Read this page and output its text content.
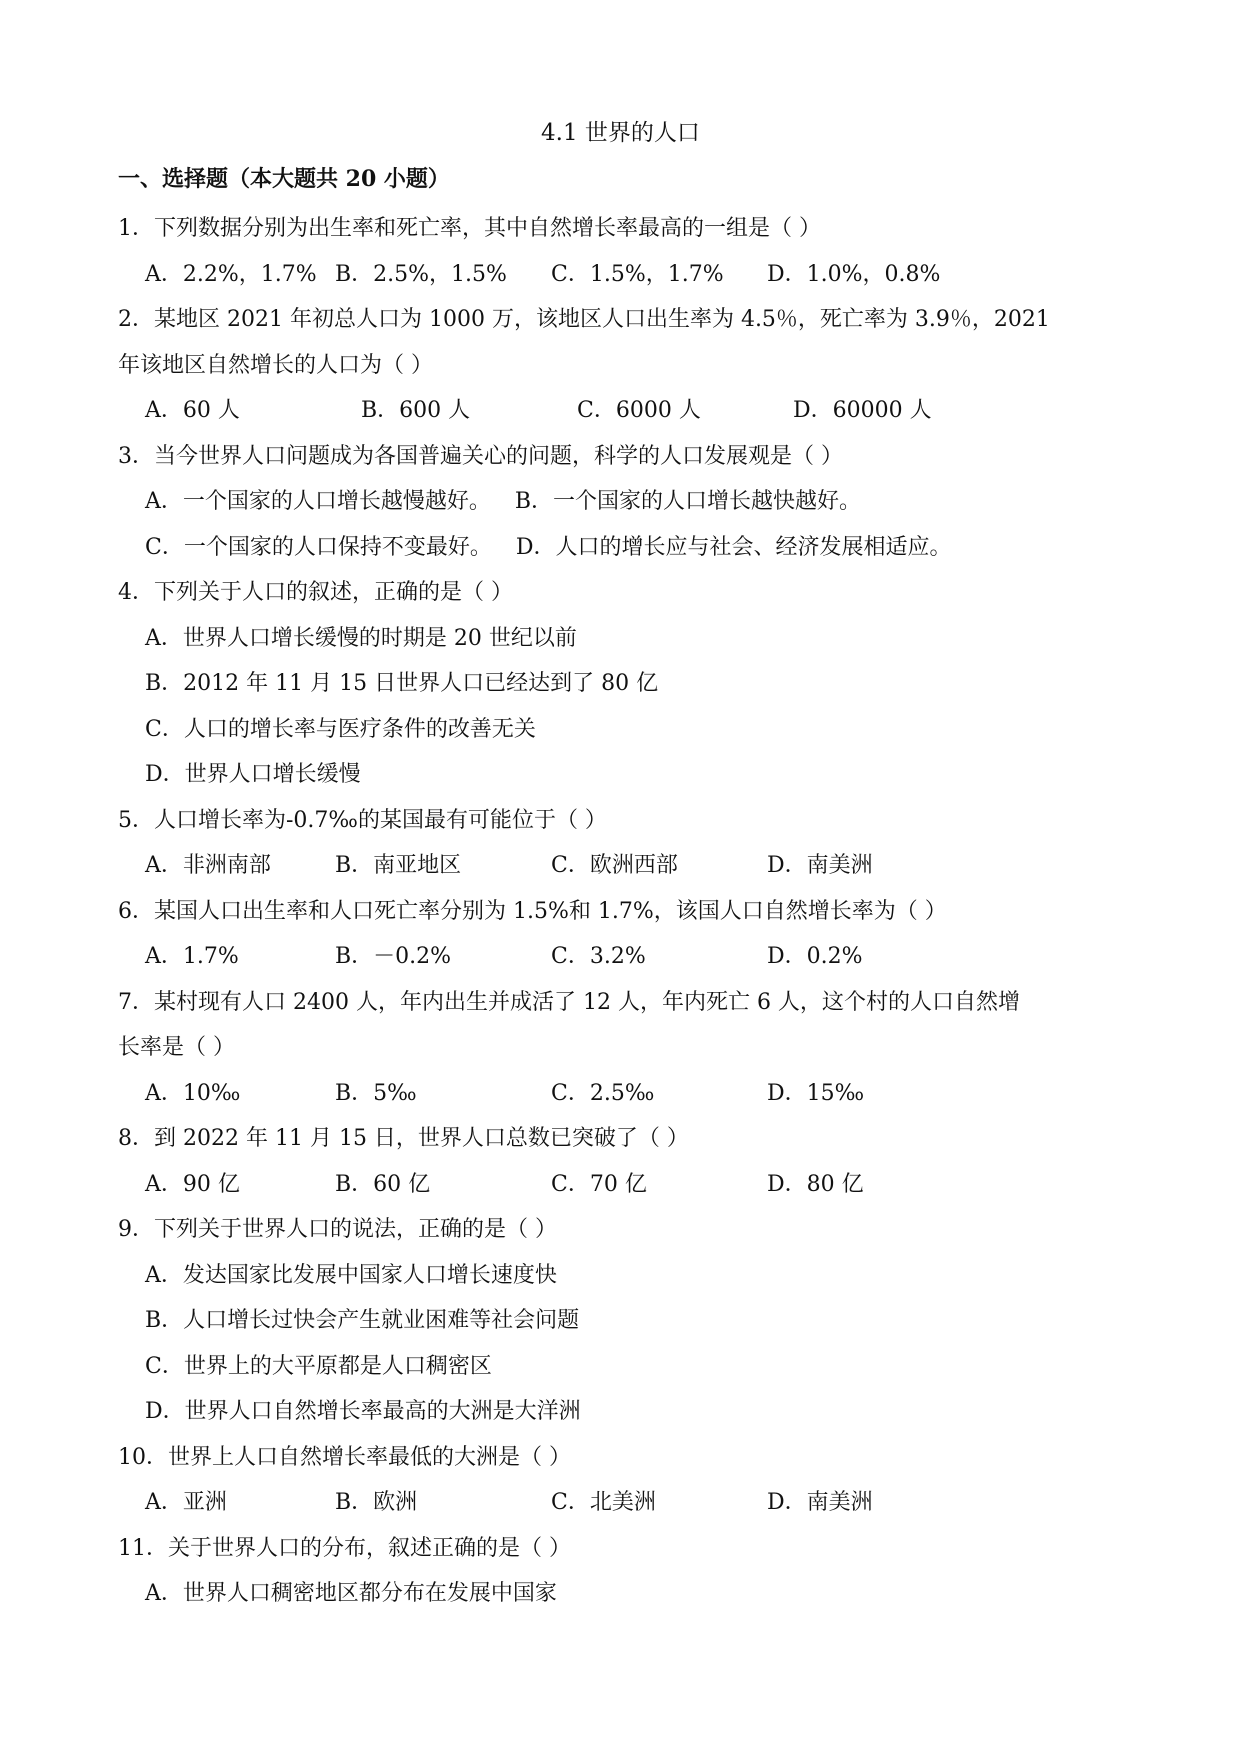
4.1 世界的人口
一、选择题（本大题共 20 小题）

1．下列数据分别为出生率和死亡率，其中自然增长率最高的一组是（ ）

A．2.2%，1.7% B．2.5%，1.5%	C．1.5%，1.7%	D．1.0%，0.8%

2．某地区 2021 年初总人口为 1000 万，该地区人口出生率为 4.5％，死亡率为 3.9％，2021

年该地区自然增长的人口为（ ）

A．60 人	B．600 人	C．6000 人	D．60000 人

3．当今世界人口问题成为各国普遍关心的问题，科学的人口发展观是（ ）

A．一个国家的人口增长越慢越好。 B．一个国家的人口增长越快越好。
C．一个国家的人口保持不变最好。 D．人口的增长应与社会、经济发展相适应。

4．下列关于人口的叙述，正确的是（ ）

A．世界人口增长缓慢的时期是 20 世纪以前

B．2012 年 11 月 15 日世界人口已经达到了 80 亿

C．人口的增长率与医疗条件的改善无关

D．世界人口增长缓慢

5．人口增长率为-0.7‰的某国最有可能位于（ ）

A．非洲南部	B．南亚地区	C．欧洲西部	D．南美洲

6．某国人口出生率和人口死亡率分别为 1.5%和 1.7%，该国人口自然增长率为（ ）

A．1.7%	B．－0.2%	C．3.2%	D．0.2%

7．某村现有人口 2400 人，年内出生并成活了 12 人，年内死亡 6 人，这个村的人口自然增

长率是（ ）

A．10‰	B．5‰	C．2.5‰	D．15‰

8．到 2022 年 11 月 15 日，世界人口总数已突破了（ ）

A．90 亿	B．60 亿	C．70 亿	D．80 亿

9．下列关于世界人口的说法，正确的是（ ）

A．发达国家比发展中国家人口增长速度快

B．人口增长过快会产生就业困难等社会问题

C．世界上的大平原都是人口稠密区

D．世界人口自然增长率最高的大洲是大洋洲

10．世界上人口自然增长率最低的大洲是（ ）

A．亚洲	B．欧洲	C．北美洲	D．南美洲

11．关于世界人口的分布，叙述正确的是（ ）

A．世界人口稠密地区都分布在发展中国家
